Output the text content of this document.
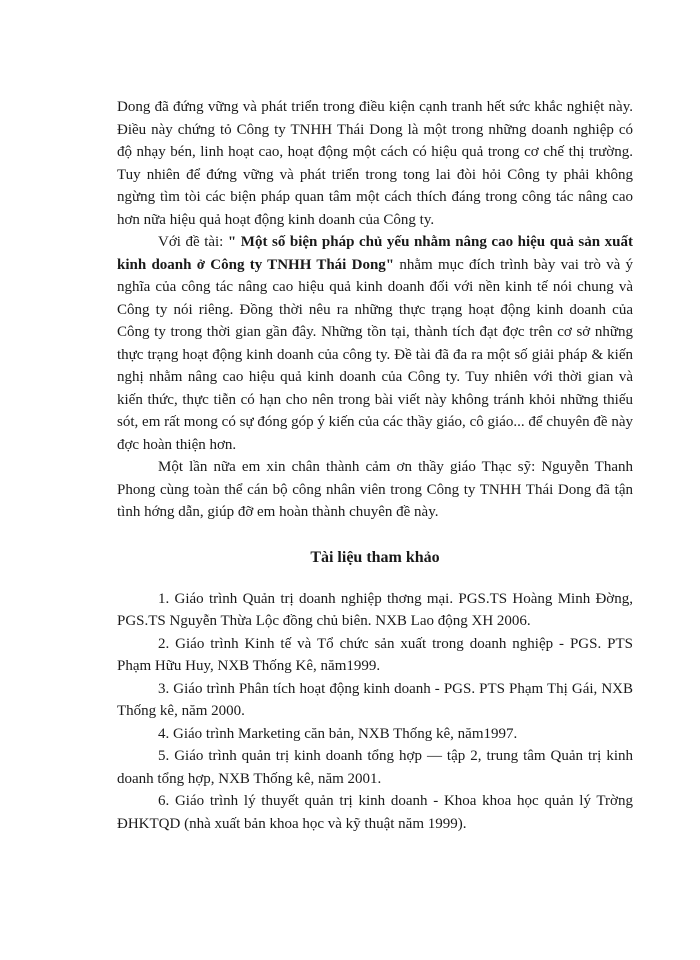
Dong đã đứng vững và phát triển trong điều kiện cạnh tranh hết sức khắc nghiệt này. Điều này chứng tỏ Công ty TNHH Thái Dong là một trong những doanh nghiệp có độ nhạy bén, linh hoạt cao, hoạt động một cách có hiệu quả trong cơ chế thị trường. Tuy nhiên để đứng vững và phát triển trong tong lai đòi hỏi Công ty phải không ngừng tìm tòi các biện pháp quan tâm một cách thích đáng trong công tác nâng cao hơn nữa hiệu quả hoạt động kinh doanh của Công ty.

Với đề tài: " Một số biện pháp chủ yếu nhằm nâng cao hiệu quả sản xuất kinh doanh ở Công ty TNHH Thái Dong" nhằm mục đích trình bày vai trò và ý nghĩa của công tác nâng cao hiệu quả kinh doanh đối với nền kinh tế nói chung và Công ty nói riêng. Đồng thời nêu ra những thực trạng hoạt động kinh doanh của Công ty trong thời gian gần đây. Những tồn tại, thành tích đạt đợc trên cơ sở những thực trạng hoạt động kinh doanh của công ty. Đề tài đã đa ra một số giải pháp & kiến nghị nhằm nâng cao hiệu quả kinh doanh của Công ty. Tuy nhiên với thời gian và kiến thức, thực tiễn có hạn cho nên trong bài viết này không tránh khỏi những thiếu sót, em rất mong có sự đóng góp ý kiến của các thầy giáo, cô giáo... để chuyên đề này đợc hoàn thiện hơn.

Một lần nữa em xin chân thành cảm ơn thầy giáo Thạc sỹ: Nguyễn Thanh Phong cùng toàn thể cán bộ công nhân viên trong Công ty TNHH Thái Dong đã tận tình hớng dẫn, giúp đỡ em hoàn thành chuyên đề này.

Tài liệu tham khảo

1. Giáo trình Quản trị doanh nghiệp thơng mại. PGS.TS Hoàng Minh Đờng, PGS.TS Nguyễn Thừa Lộc đồng chủ biên. NXB Lao động XH 2006.

2. Giáo trình Kinh tế và Tổ chức sản xuất trong doanh nghiệp - PGS. PTS Phạm Hữu Huy, NXB Thống Kê, năm1999.

3. Giáo trình Phân tích hoạt động kinh doanh - PGS. PTS Phạm Thị Gái, NXB Thống kê, năm 2000.

4. Giáo trình Marketing căn bản, NXB Thống kê, năm1997.

5. Giáo trình quản trị kinh doanh tổng hợp — tập 2, trung tâm Quản trị kinh doanh tổng hợp, NXB Thống kê, năm 2001.

6. Giáo trình lý thuyết quản trị kinh doanh - Khoa khoa học quản lý Trờng ĐHKTQD (nhà xuất bản khoa học và kỹ thuật năm 1999).
